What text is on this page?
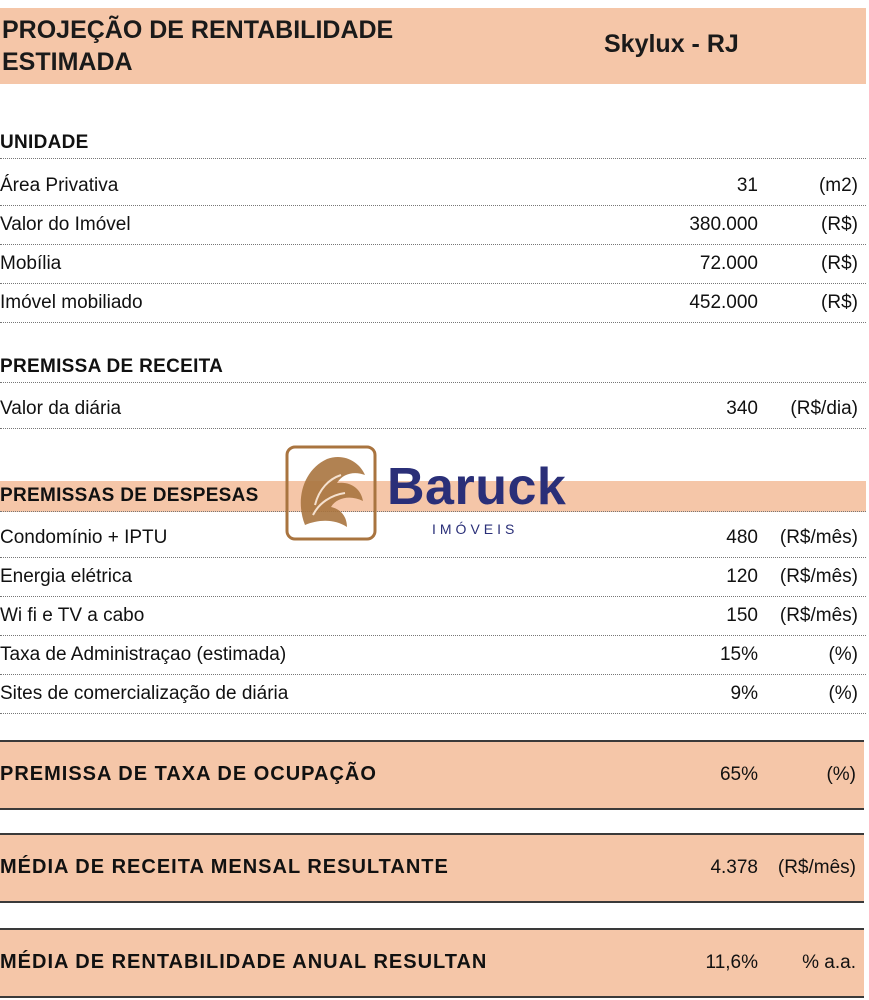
PROJEÇÃO DE RENTABILIDADE ESTIMADA
Skylux - RJ
UNIDADE
Área Privativa	31	(m2)
Valor do Imóvel	380.000	(R$)
Mobília	72.000	(R$)
Imóvel mobiliado	452.000	(R$)
PREMISSA DE RECEITA
Valor da diária	340 (R$/dia)
PREMISSAS DE DESPESAS
Condomínio + IPTU	480 (R$/mês)
Energia elétrica	120 (R$/mês)
Wi fi e TV a cabo	150 (R$/mês)
Taxa de Administraçao (estimada)	15%	(%)
Sites de comercialização de diária	9%	(%)
PREMISSA DE TAXA DE OCUPAÇÃO	65%	(%)
MÉDIA DE RECEITA MENSAL RESULTANTE	4.378 (R$/mês)
MÉDIA DE RENTABILIDADE ANUAL RESULTAN	11,6% % a.a.
Baruck
IMÓVEIS
